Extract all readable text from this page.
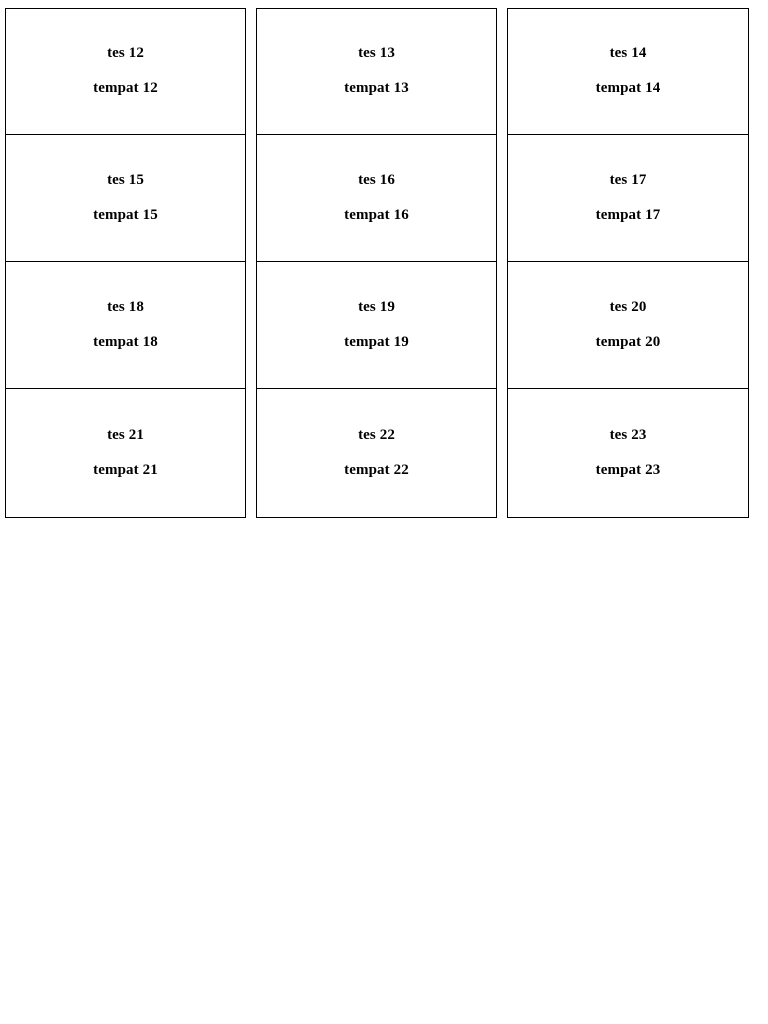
tes 12
tempat 12
tes 13
tempat 13
tes 14
tempat 14
tes 15
tempat 15
tes 16
tempat 16
tes 17
tempat 17
tes 18
tempat 18
tes 19
tempat 19
tes 20
tempat 20
tes 21
tempat 21
tes 22
tempat 22
tes 23
tempat 23
